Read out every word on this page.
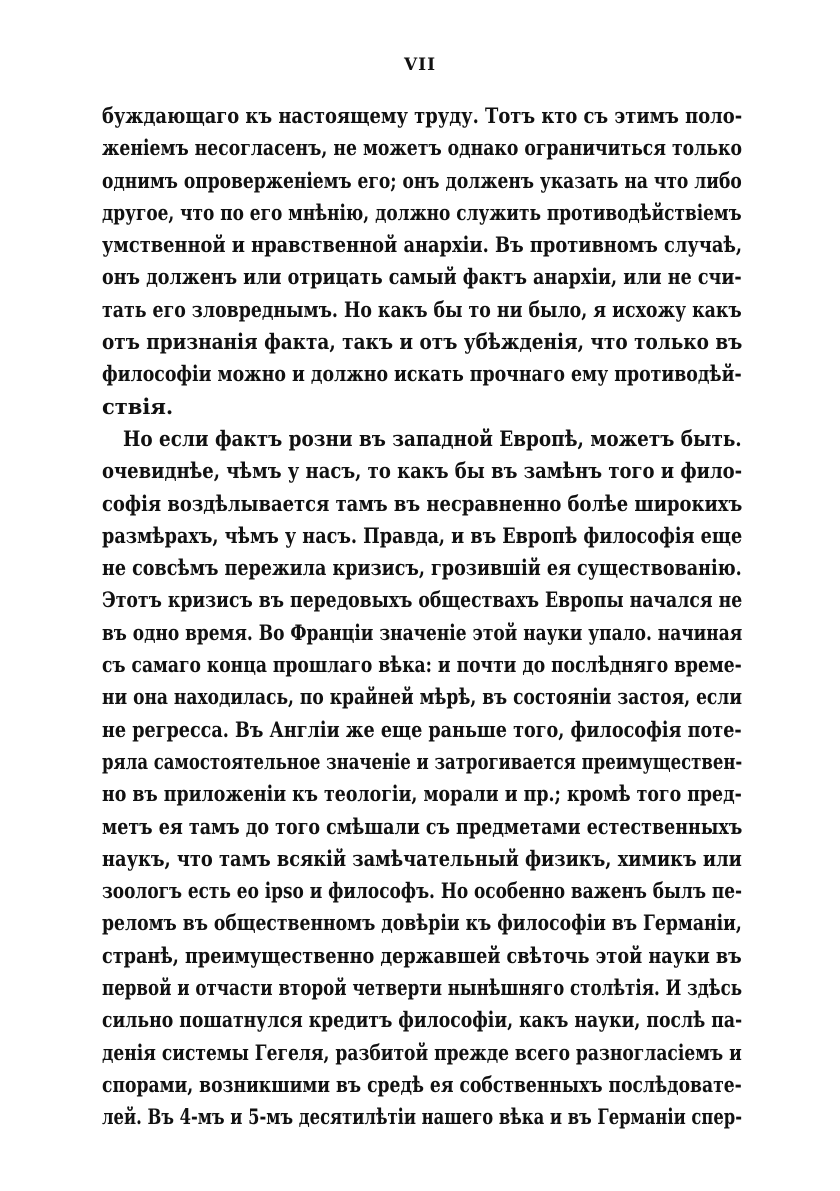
VII
буждающаго къ настоящему труду. Тотъ кто съ этимъ поло-
женіемъ несогласенъ, не можетъ однако ограничиться только
однимъ опроверженіемъ его; онъ долженъ указать на что либо
другое, что по его мнѣнію, должно служить противодѣйствіемъ
умственной и нравственной анархіи. Въ противномъ случаѣ,
онъ долженъ или отрицать самый фактъ анархіи, или не счи-
тать его зловреднымъ. Но какъ бы то ни было, я исхожу какъ
отъ признанія факта, такъ и отъ убѣжденія, что только въ
философіи можно и должно искать прочнаго ему противодѣй-
ствія.
Но если фактъ розни въ западной Европѣ, можетъ быть.
очевиднѣе, чѣмъ у насъ, то какъ бы въ замѣнъ того и фило-
софія воздѣлывается тамъ въ несравненно болѣе широкихъ
размѣрахъ, чѣмъ у насъ. Правда, и въ Европѣ философія еще
не совсѣмъ пережила кризисъ, грозившій ея существованію.
Этотъ кризисъ въ передовыхъ обществахъ Европы начался не
въ одно время. Во Франціи значеніе этой науки упало. начиная
съ самаго конца прошлаго вѣка: и почти до послѣдняго време-
ни она находилась, по крайней мѣрѣ, въ состояніи застоя, если
не регресса. Въ Англіи же еще раньше того, философія поте-
ряла самостоятельное значеніе и затрогивается преимуществен-
но въ приложеніи къ теологіи, морали и пр.; кромѣ того пред-
метъ ея тамъ до того смѣшали съ предметами естественныхъ
наукъ, что тамъ всякій замѣчательный физикъ, химикъ или
зоологъ есть eo ipso и философъ. Но особенно важенъ былъ пе-
реломъ въ общественномъ довѣріи къ философіи въ Германіи,
странѣ, преимущественно державшей свѣточь этой науки въ
первой и отчасти второй четверти нынѣшняго столѣтія. И здѣсь
сильно пошатнулся кредитъ философіи, какъ науки, послѣ па-
денія системы Гегеля, разбитой прежде всего разногласіемъ и
спорами, возникшими въ средѣ ея собственныхъ послѣдовате-
лей. Въ 4-мъ и 5-мъ десятилѣтіи нашего вѣка и въ Германіи спер-
